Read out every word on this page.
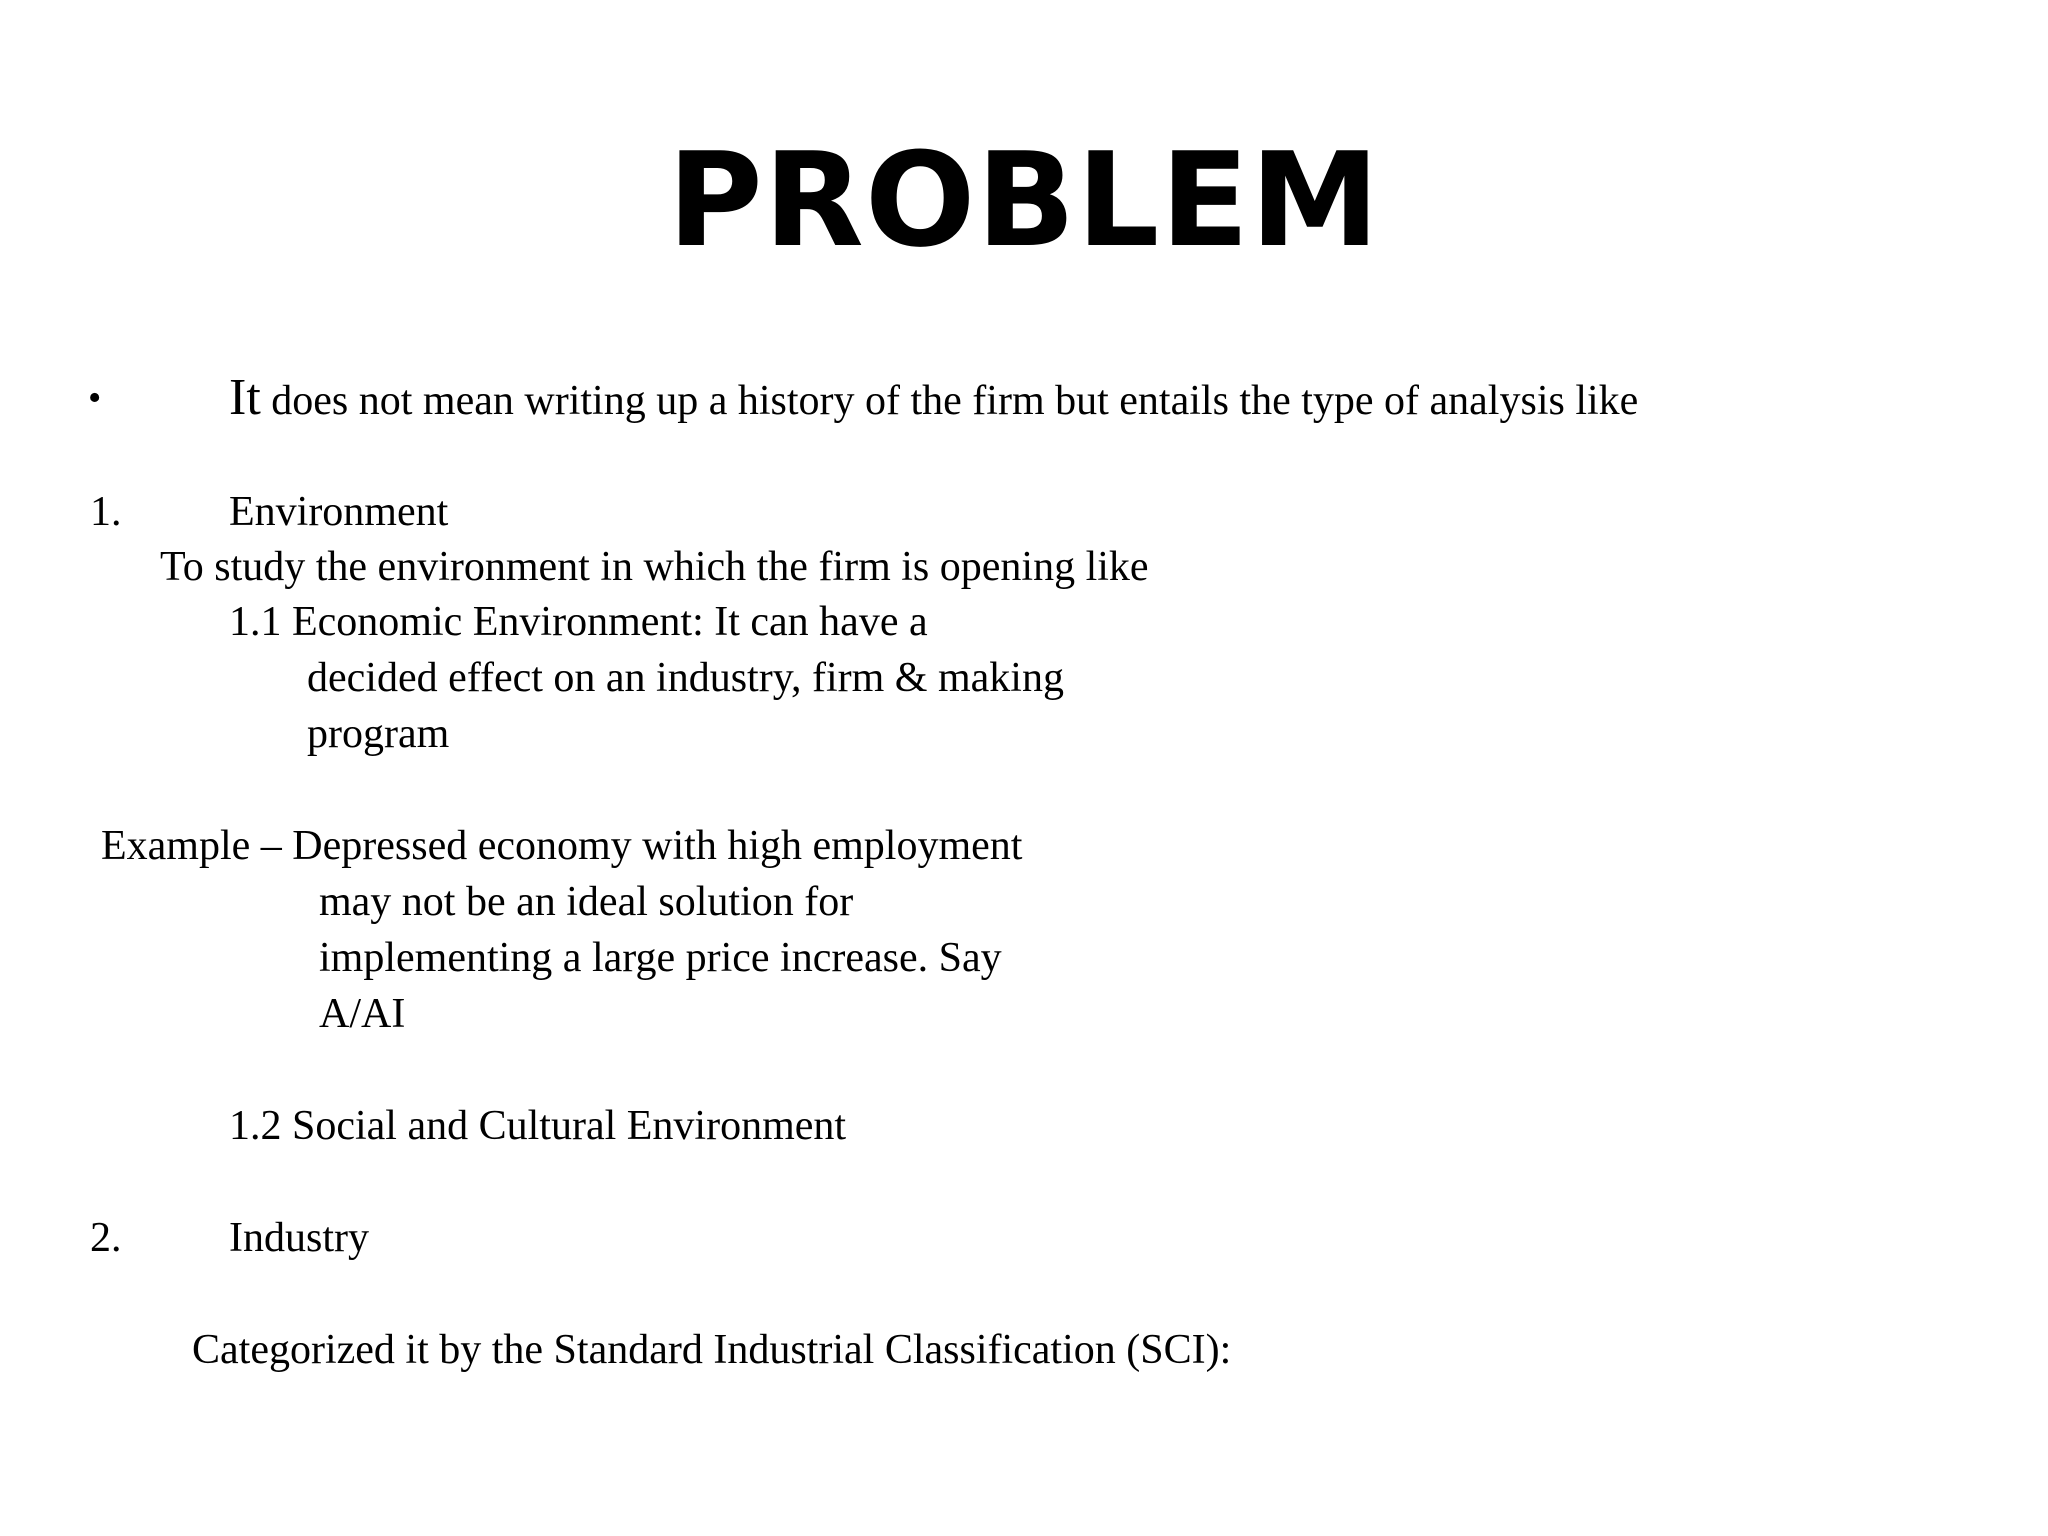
PROBLEM
• It does not mean writing up a history of the firm but entails the type of analysis like
1.	Environment
To study the environment in which the firm is opening like
1.1 Economic Environment: It can have a
decided effect on an industry, firm & making
program
Example – Depressed economy with high employment
may not be an ideal solution for
implementing a large price increase. Say
A/AI
1.2 Social and Cultural Environment
2.	Industry
Categorized it by the Standard Industrial Classification (SCI):
